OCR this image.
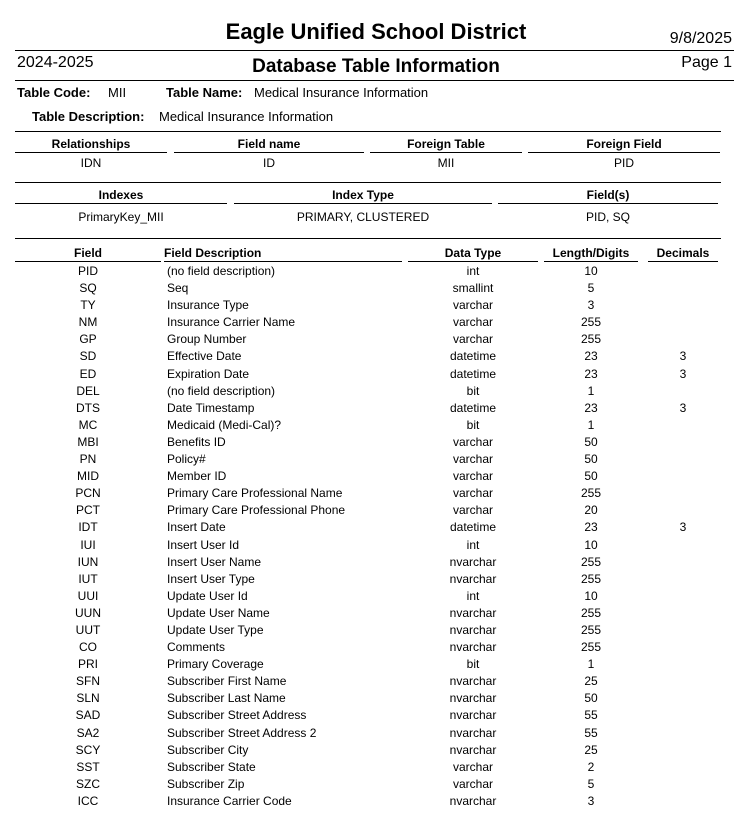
Eagle Unified School District	9/8/2025
2024-2025	Database Table Information	Page 1
Table Code: MII	Table Name: Medical Insurance Information
Table Description: Medical Insurance Information
Relationships	Field name	Foreign Table	Foreign Field
IDN	ID	MII	PID
Indexes	Index Type	Field(s)
PrimaryKey_MII	PRIMARY, CLUSTERED	PID, SQ
Field	Field Description	Data Type	Length/Digits	Decimals
PID	(no field description)	int	10
SQ	Seq	smallint	5
TY	Insurance Type	varchar	3
NM	Insurance Carrier Name	varchar	255
GP	Group Number	varchar	255
SD	Effective Date	datetime	23	3
ED	Expiration Date	datetime	23	3
DEL	(no field description)	bit	1
DTS	Date Timestamp	datetime	23	3
MC	Medicaid (Medi-Cal)?	bit	1
MBI	Benefits ID	varchar	50
PN	Policy#	varchar	50
MID	Member ID	varchar	50
PCN	Primary Care Professional Name	varchar	255
PCT	Primary Care Professional Phone	varchar	20
IDT	Insert Date	datetime	23	3
IUI	Insert User Id	int	10
IUN	Insert User Name	nvarchar	255
IUT	Insert User Type	nvarchar	255
UUI	Update User Id	int	10
UUN	Update User Name	nvarchar	255
UUT	Update User Type	nvarchar	255
CO	Comments	nvarchar	255
PRI	Primary Coverage	bit	1
SFN	Subscriber First Name	nvarchar	25
SLN	Subscriber Last Name	nvarchar	50
SAD	Subscriber Street Address	nvarchar	55
SA2	Subscriber Street Address 2	nvarchar	55
SCY	Subscriber City	nvarchar	25
SST	Subscriber State	varchar	2
SZC	Subscriber Zip	varchar	5
ICC	Insurance Carrier Code	nvarchar	3
